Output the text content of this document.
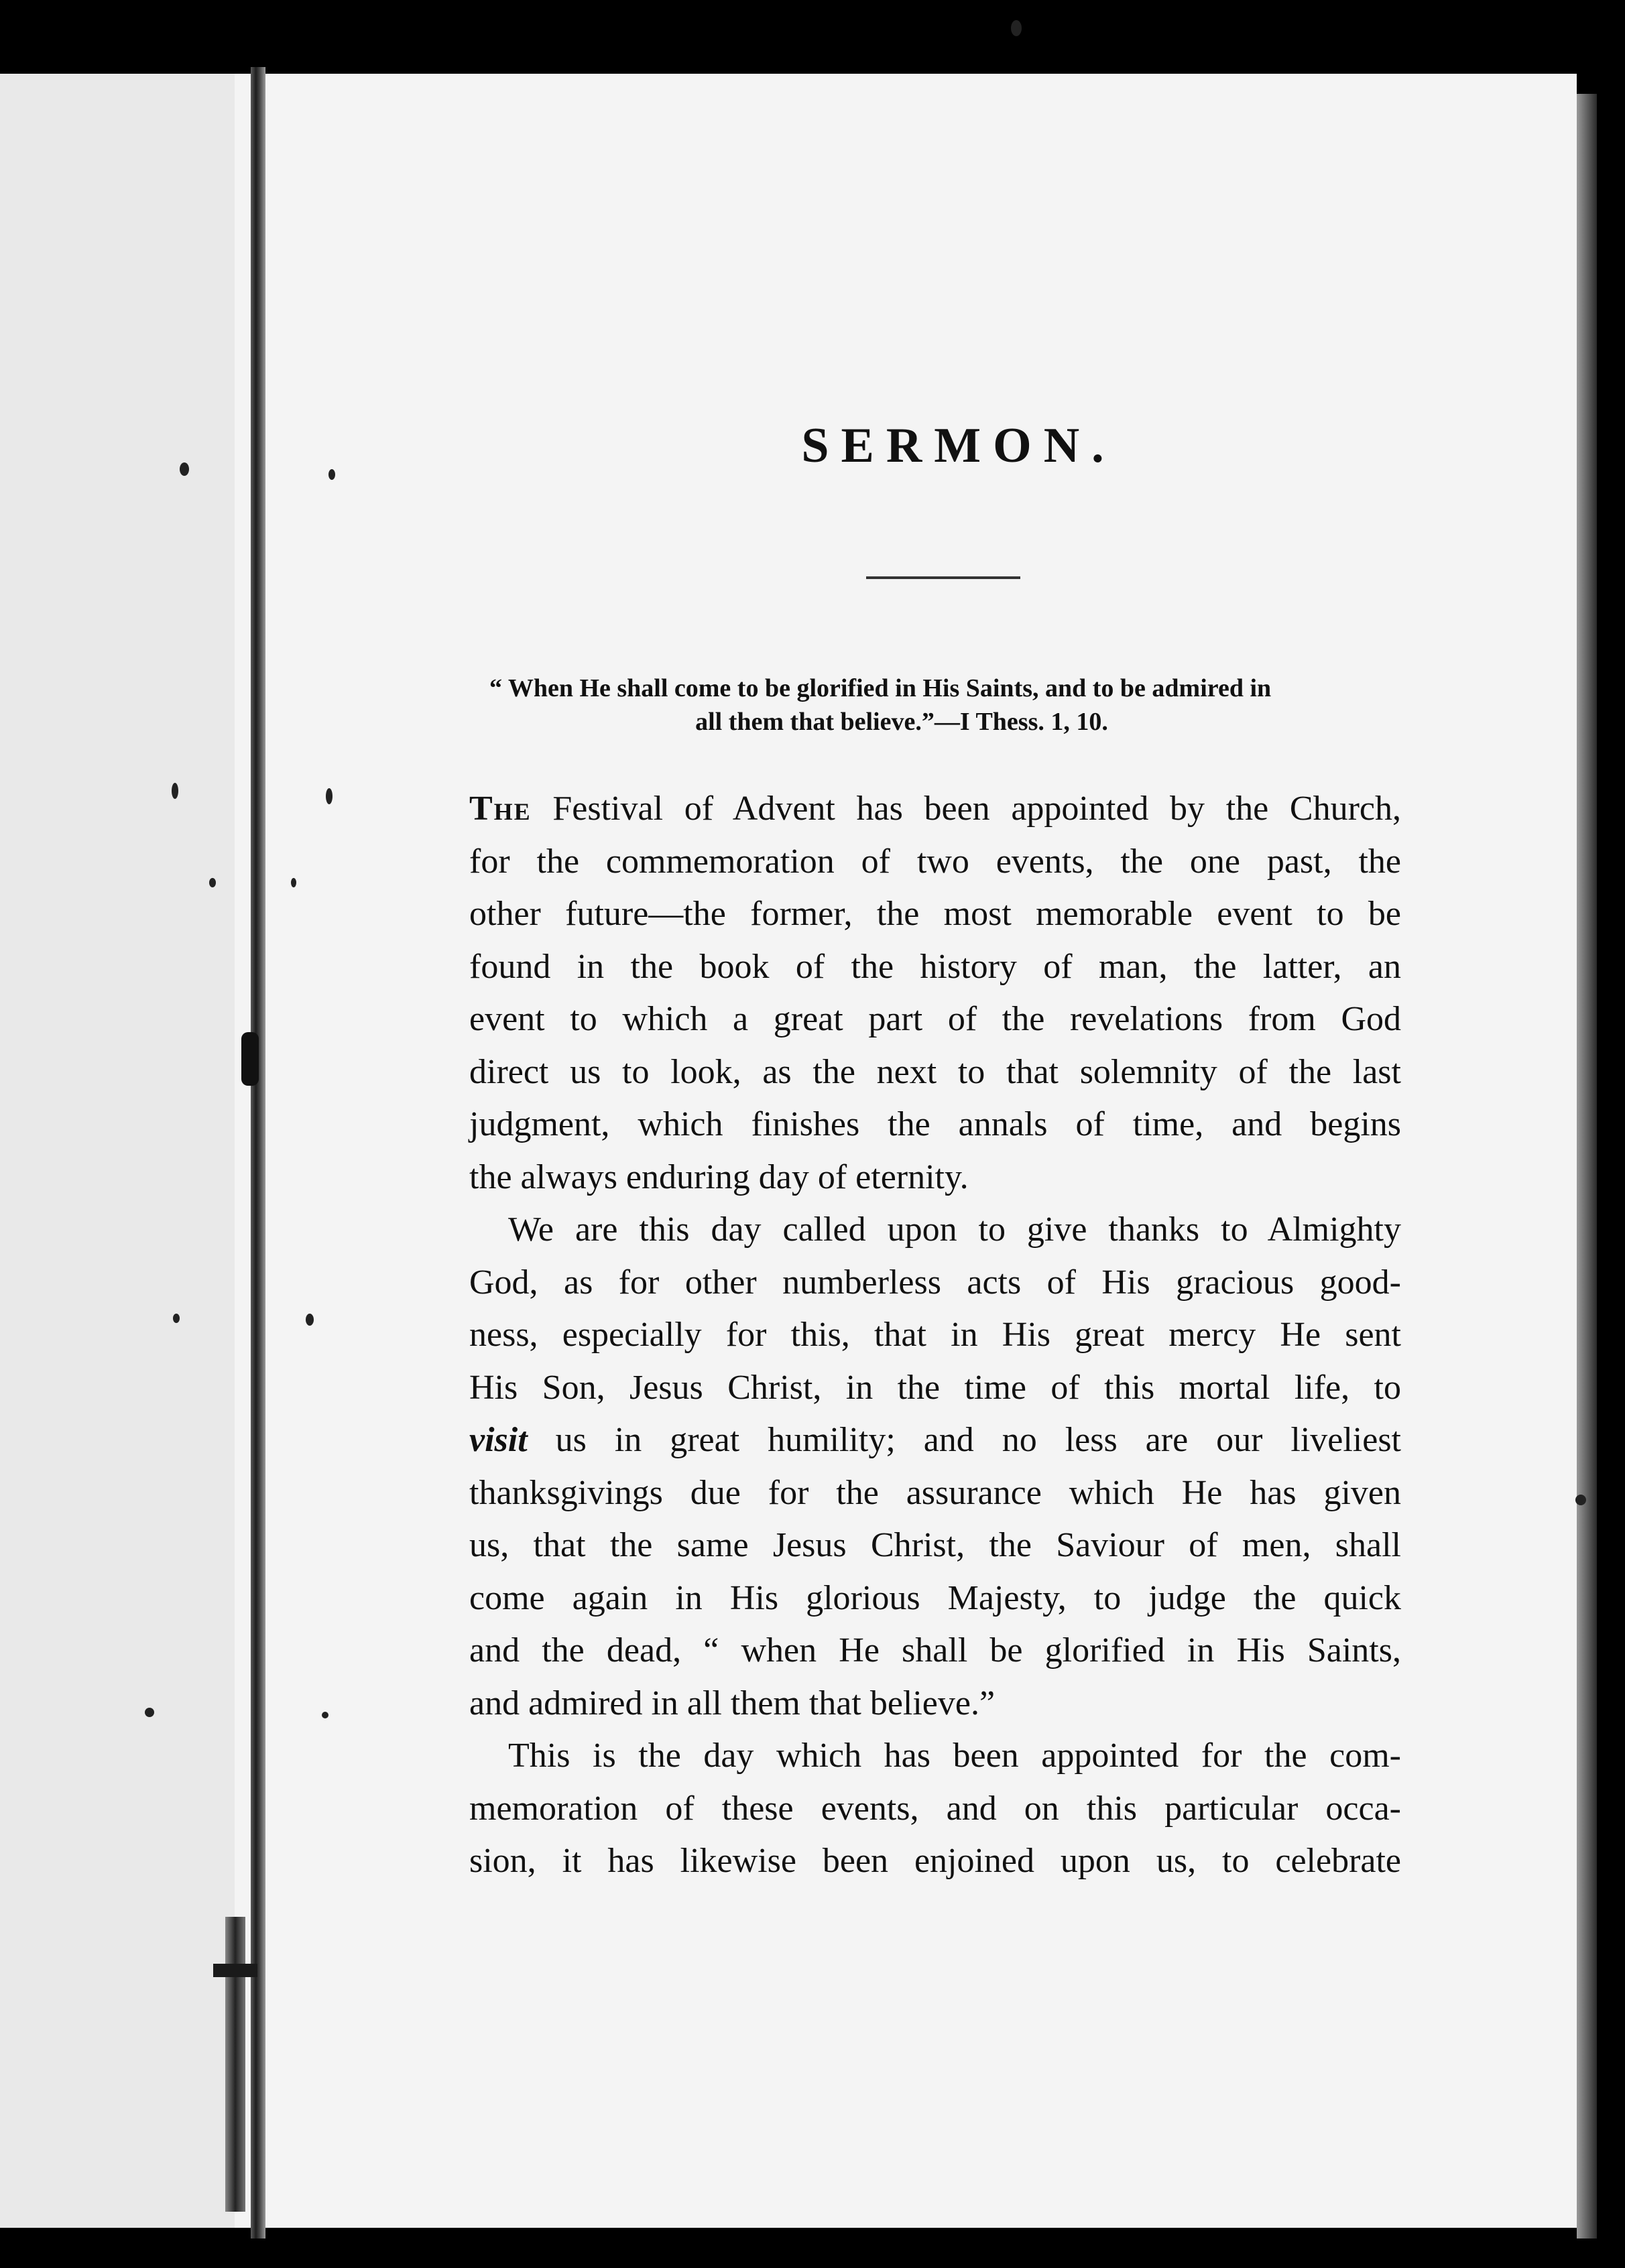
SERMON.
“ When He shall come to be glorified in His Saints, and to be admired in
all them that believe.”—I Thess. 1, 10.
The Festival of Advent has been appointed by the Church,
for the commemoration of two events, the one past, the
other future—the former, the most memorable event to be
found in the book of the history of man, the latter, an
event to which a great part of the revelations from God
direct us to look, as the next to that solemnity of the last
judgment, which finishes the annals of time, and begins
the always enduring day of eternity.
We are this day called upon to give thanks to Almighty
God, as for other numberless acts of His gracious good-
ness, especially for this, that in His great mercy He sent
His Son, Jesus Christ, in the time of this mortal life, to
visit us in great humility; and no less are our liveliest
thanksgivings due for the assurance which He has given
us, that the same Jesus Christ, the Saviour of men, shall
come again in His glorious Majesty, to judge the quick
and the dead, “ when He shall be glorified in His Saints,
and admired in all them that believe.”
This is the day which has been appointed for the com-
memoration of these events, and on this particular occa-
sion, it has likewise been enjoined upon us, to celebrate
